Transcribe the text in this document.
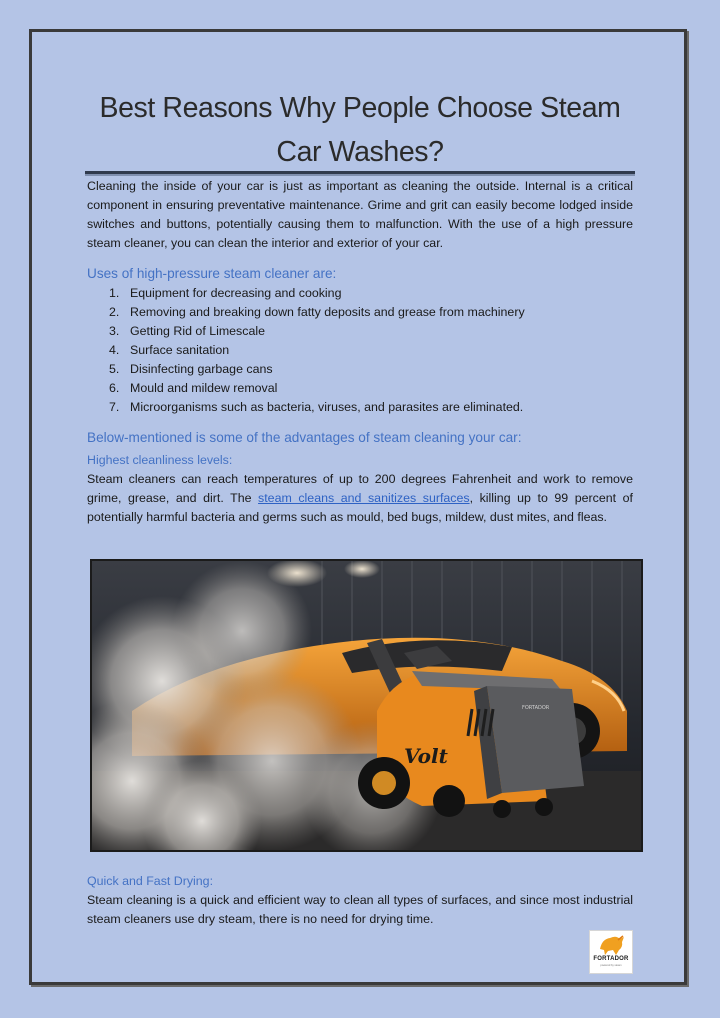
Best Reasons Why People Choose Steam Car Washes?
Cleaning the inside of your car is just as important as cleaning the outside. Internal is a critical component in ensuring preventative maintenance. Grime and grit can easily become lodged inside switches and buttons, potentially causing them to malfunction. With the use of a high pressure steam cleaner, you can clean the interior and exterior of your car.
Uses of high-pressure steam cleaner are:
1. Equipment for decreasing and cooking
2. Removing and breaking down fatty deposits and grease from machinery
3. Getting Rid of Limescale
4. Surface sanitation
5. Disinfecting garbage cans
6. Mould and mildew removal
7. Microorganisms such as bacteria, viruses, and parasites are eliminated.
Below-mentioned is some of the advantages of steam cleaning your car:
Highest cleanliness levels:
Steam cleaners can reach temperatures of up to 200 degrees Fahrenheit and work to remove grime, grease, and dirt. The steam cleans and sanitizes surfaces, killing up to 99 percent of potentially harmful bacteria and germs such as mould, bed bugs, mildew, dust mites, and fleas.
Quick and Fast Drying:
Steam cleaning is a quick and efficient way to clean all types of surfaces, and since most industrial steam cleaners use dry steam, there is no need for drying time.
Volt
FORTADOR
FORTADOR
powered by steam
